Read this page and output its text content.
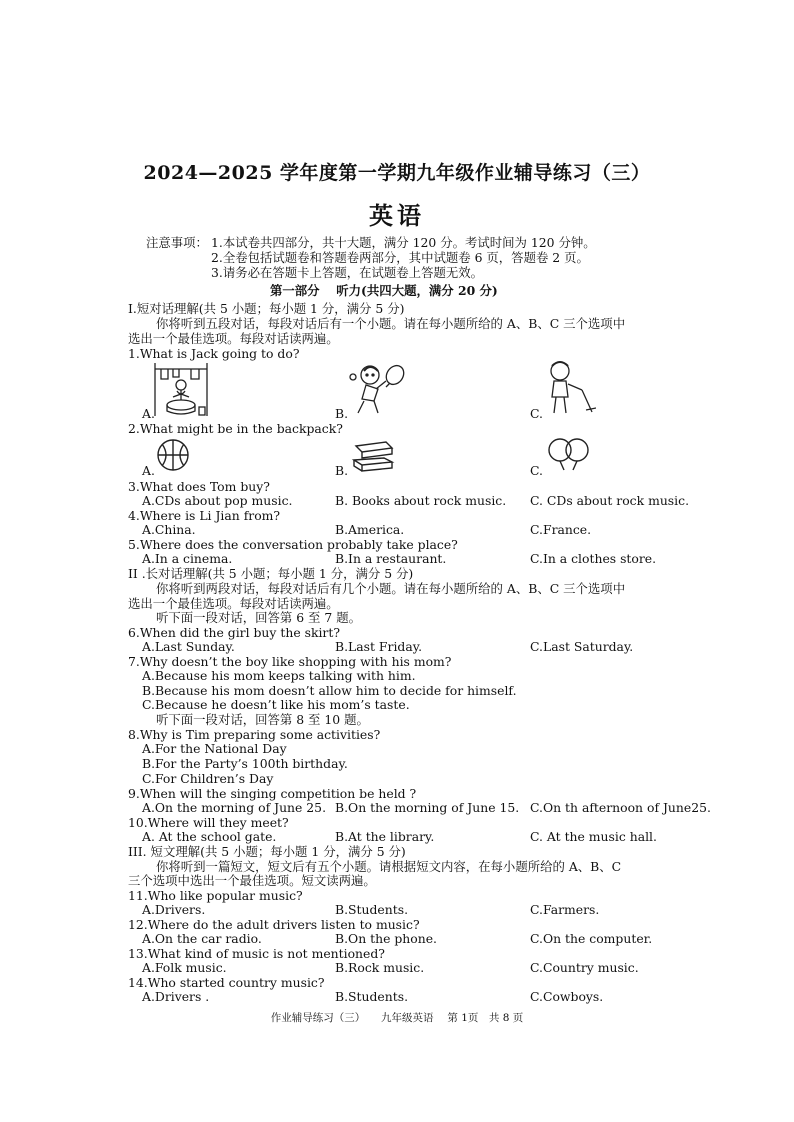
2024—2025 学年度第一学期九年级作业辅导练习（三）
英语
注意事项： 1.本试卷共四部分，共十大题，满分 120 分。考试时间为 120 分钟。
2.全卷包括试题卷和答题卷两部分，其中试题卷 6 页，答题卷 2 页。
3.请务必在答题卡上答题，在试题卷上答题无效。
第一部分　 听力(共四大题，满分 20 分)
I.短对话理解(共 5 小题；每小题 1 分，满分 5 分)
你将听到五段对话，每段对话后有一个小题。请在每小题所给的 A、B、C 三个选项中
选出一个最佳选项。每段对话读两遍。
1.What is Jack going to do?
A.	B.	C.
2.What might be in the backpack?
A.	B.	C.
3.What does Tom buy?
A.CDs about pop music.	B. Books about rock music. C. CDs about rock music.
4.Where is Li Jian from?
A.China.	B.America.	C.France.
5.Where does the conversation probably take place?
A.In a cinema.	B.In a restaurant.	C.In a clothes store.
II .长对话理解(共 5 小题；每小题 1 分，满分 5 分)
你将听到两段对话，每段对话后有几个小题。请在每小题所给的 A、B、C 三个选项中
选出一个最佳选项。每段对话读两遍。
听下面一段对话，回答第 6 至 7 题。
6.When did the girl buy the skirt?
A.Last Sunday.	B.Last Friday.	C.Last Saturday.
7.Why doesn’t the boy like shopping with his mom?
A.Because his mom keeps talking with him.
B.Because his mom doesn’t allow him to decide for himself.
C.Because he doesn’t like his mom’s taste.
听下面一段对话，回答第 8 至 10 题。
8.Why is Tim preparing some activities?
A.For the National Day
B.For the Party’s 100th birthday.
C.For Children’s Day
9.When will the singing competition be held ?
A.On the morning of June 25. B.On the morning of June 15. C.On th afternoon of June25.
10.Where will they meet?
A. At the school gate.	B.At the library.	C. At the music hall.
III. 短文理解(共 5 小题；每小题 1 分，满分 5 分)
你将听到一篇短文，短文后有五个小题。请根据短文内容，在每小题所给的 A、B、C
三个选项中选出一个最佳选项。短文读两遍。
11.Who like popular music?
A.Drivers.	B.Students.	C.Farmers.
12.Where do the adult drivers listen to music?
A.On the car radio.	B.On the phone.	C.On the computer.
13.What kind of music is not mentioned?
A.Folk music.	B.Rock music.	C.Country music.
14.Who started country music?
A.Drivers .	B.Students.	C.Cowboys.
作业辅导练习（三）　　九年级英语　 第 1页　共 8 页
